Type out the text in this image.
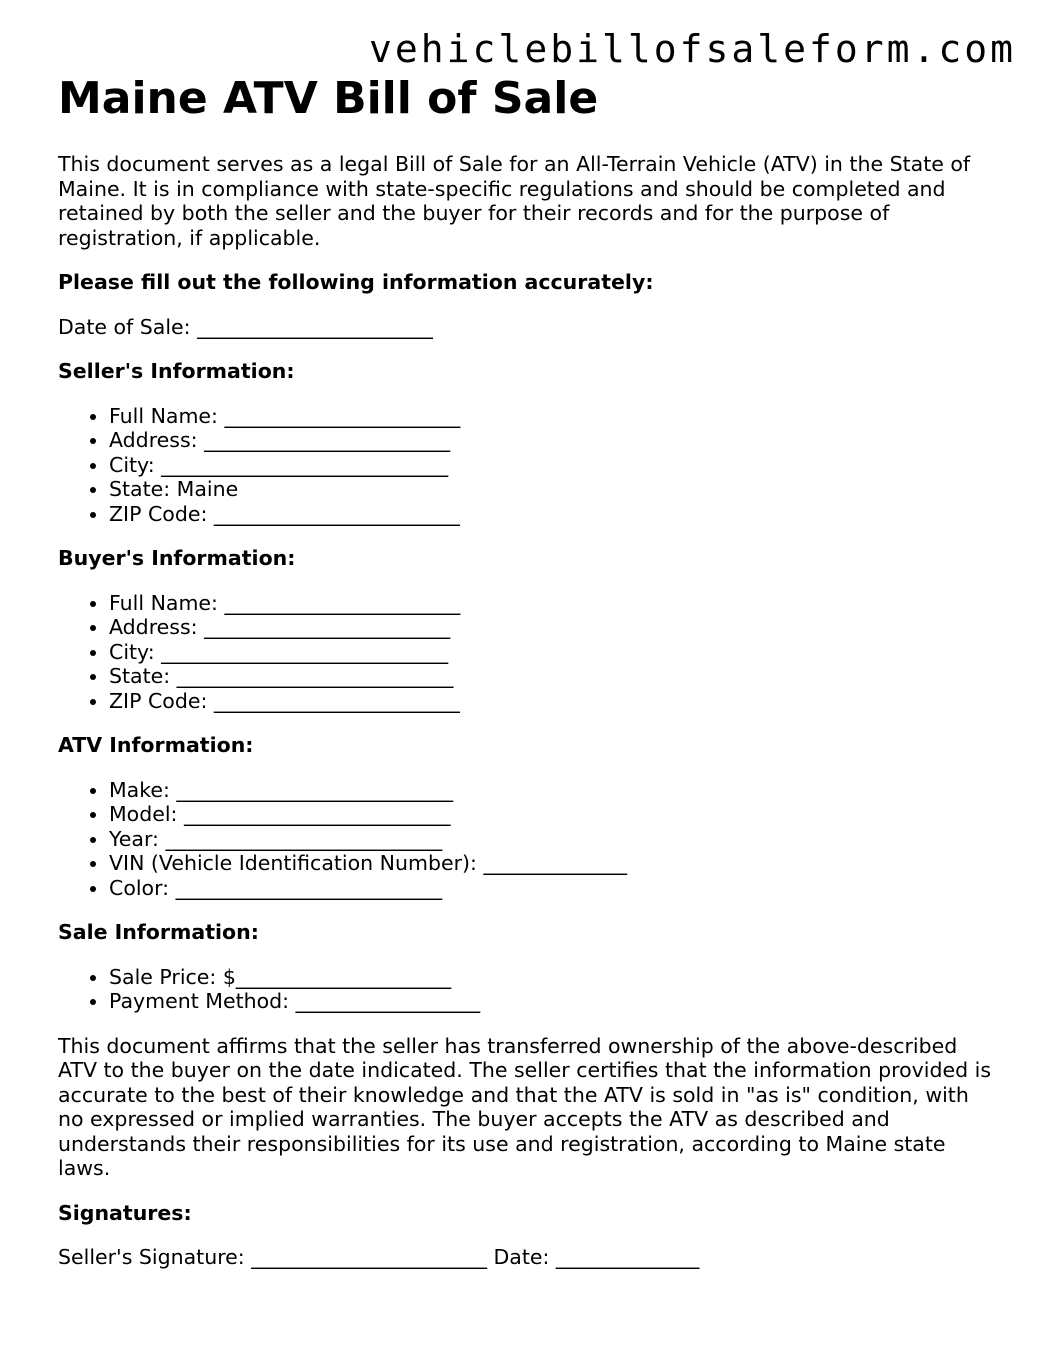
vehiclebillofsaleform.com
Maine ATV Bill of Sale

This document serves as a legal Bill of Sale for an All-Terrain Vehicle (ATV) in the State of Maine. It is in compliance with state-specific regulations and should be completed and retained by both the seller and the buyer for their records and for the purpose of registration, if applicable.

Please fill out the following information accurately:

Date of Sale: _______________________

Seller's Information:

• Full Name: _______________________
• Address: ________________________
• City: ____________________________
• State: Maine
• ZIP Code: ________________________

Buyer's Information:

• Full Name: _______________________
• Address: ________________________
• City: ____________________________
• State: ___________________________
• ZIP Code: ________________________

ATV Information:

• Make: ___________________________
• Model: __________________________
• Year: ___________________________
• VIN (Vehicle Identification Number): ______________
• Color: __________________________

Sale Information:

• Sale Price: $_____________________
• Payment Method: __________________

This document affirms that the seller has transferred ownership of the above-described ATV to the buyer on the date indicated. The seller certifies that the information provided is accurate to the best of their knowledge and that the ATV is sold in "as is" condition, with no expressed or implied warranties. The buyer accepts the ATV as described and understands their responsibilities for its use and registration, according to Maine state laws.

Signatures:

Seller's Signature: _______________________ Date: ______________
